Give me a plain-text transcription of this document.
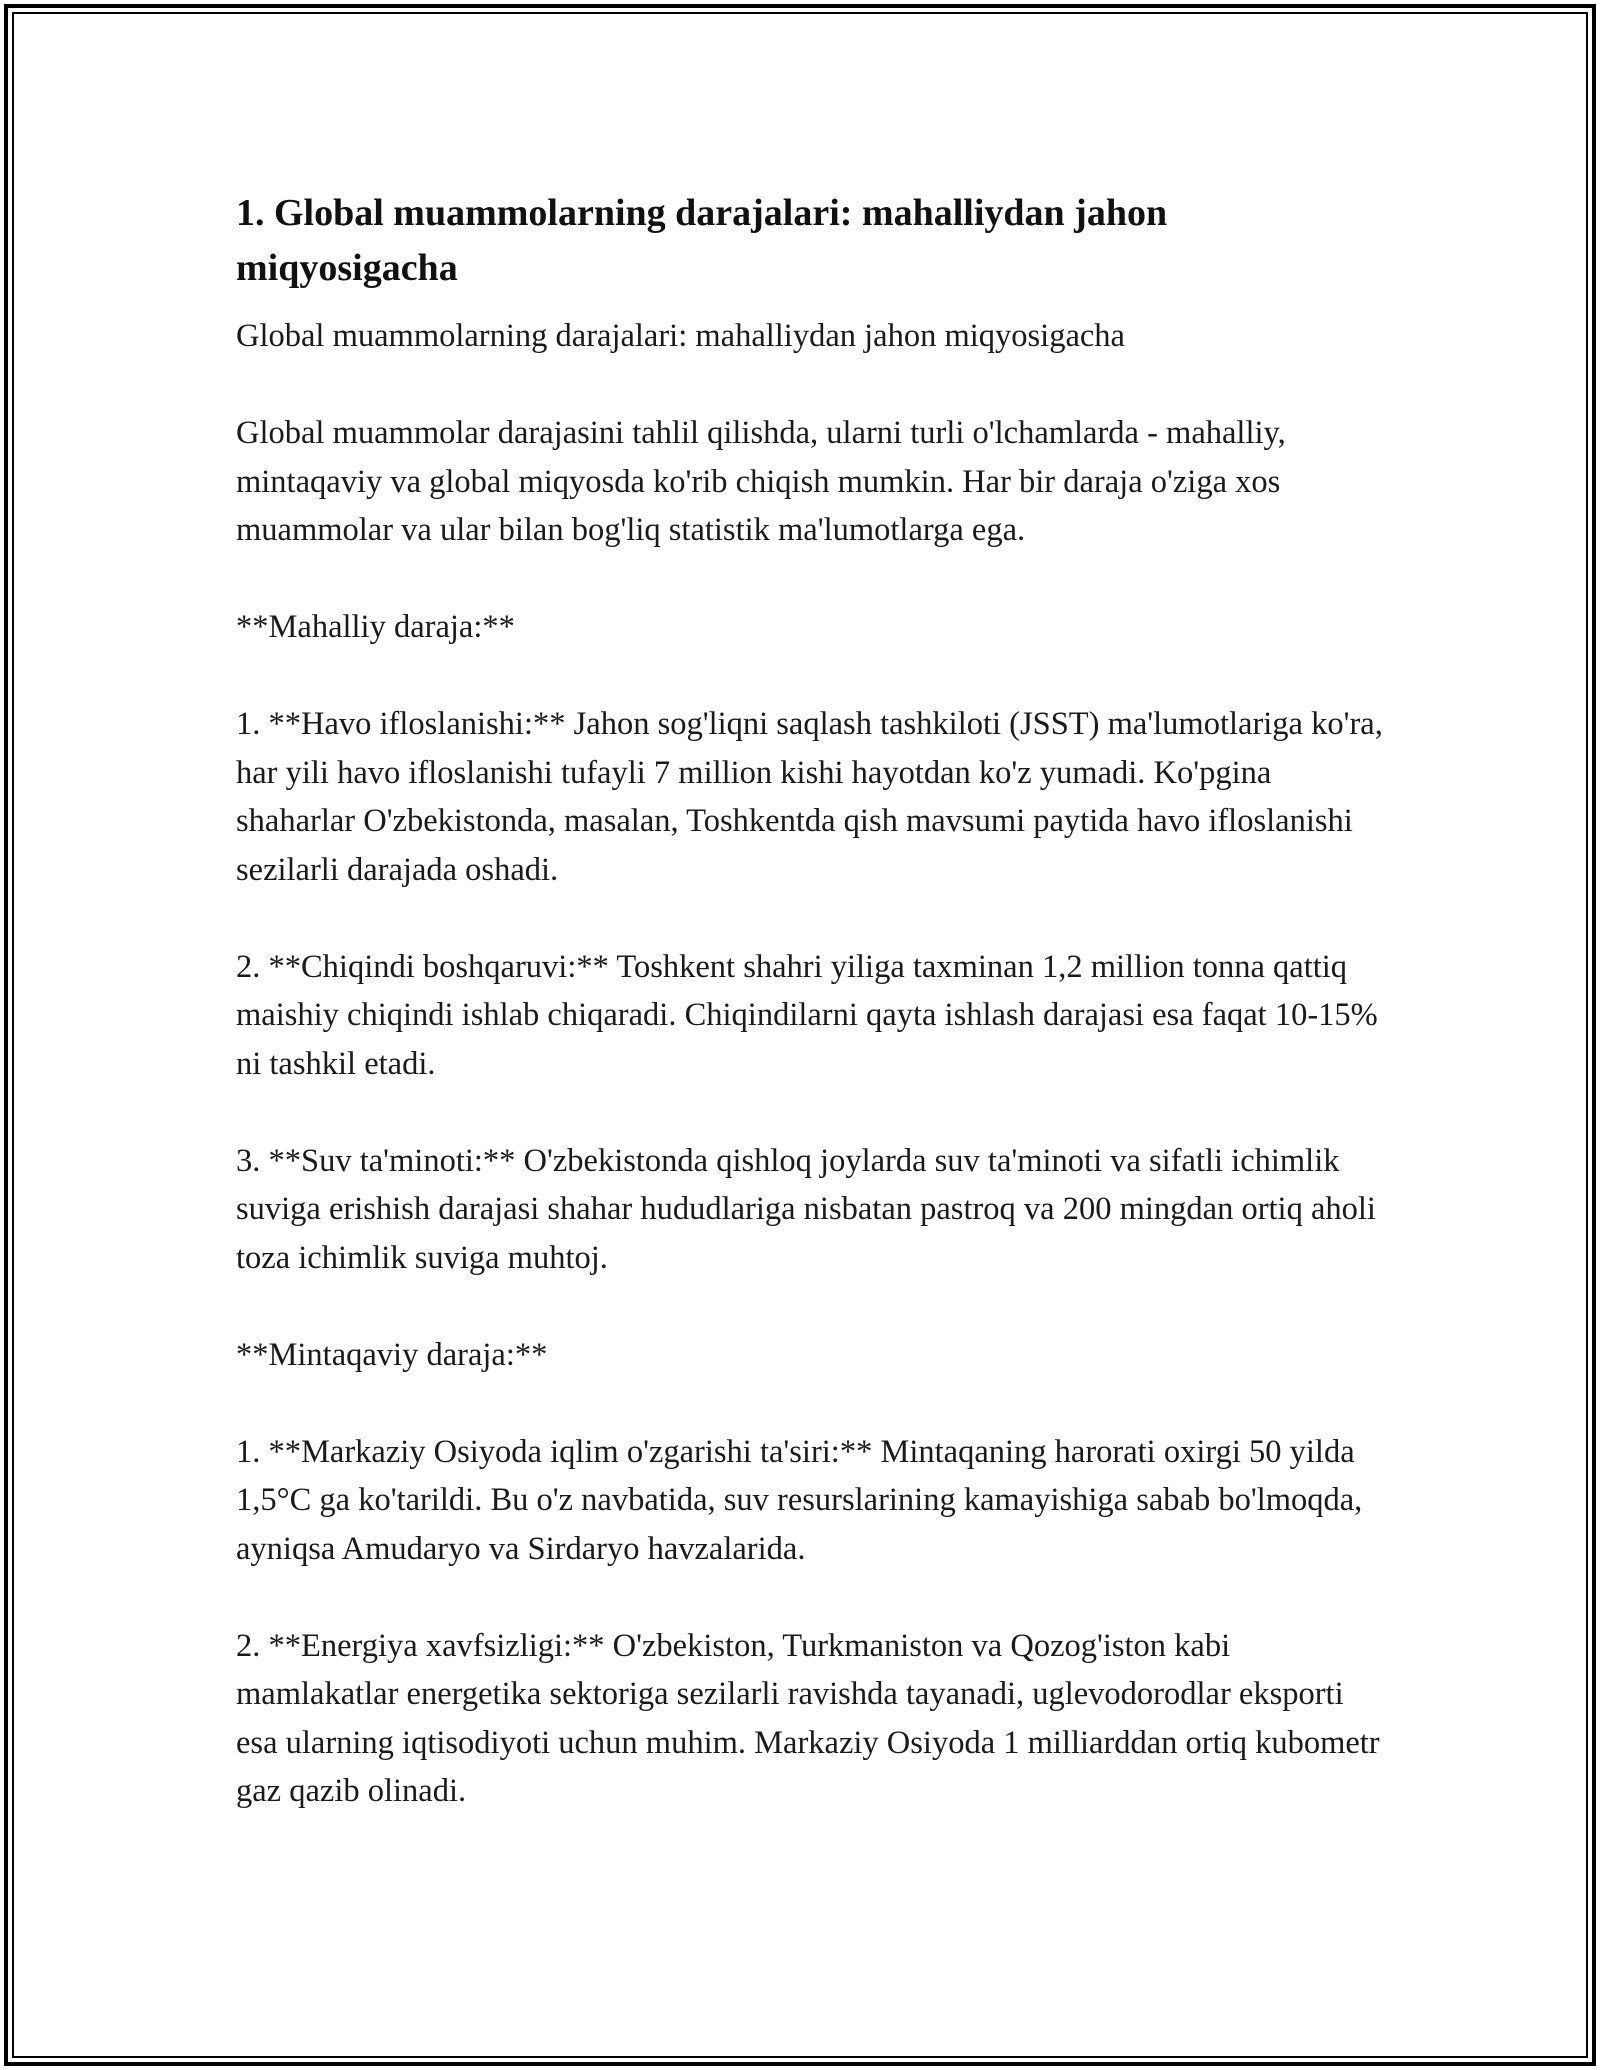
1. Global muammolarning darajalari: mahalliydan jahon miqyosigacha

Global muammolarning darajalari: mahalliydan jahon miqyosigacha

Global muammolar darajasini tahlil qilishda, ularni turli o'lchamlarda - mahalliy, mintaqaviy va global miqyosda ko'rib chiqish mumkin. Har bir daraja o'ziga xos muammolar va ular bilan bog'liq statistik ma'lumotlarga ega.

**Mahalliy daraja:**

1. **Havo ifloslanishi:** Jahon sog'liqni saqlash tashkiloti (JSST) ma'lumotlariga ko'ra, har yili havo ifloslanishi tufayli 7 million kishi hayotdan ko'z yumadi. Ko'pgina shaharlar O'zbekistonda, masalan, Toshkentda qish mavsumi paytida havo ifloslanishi sezilarli darajada oshadi.

2. **Chiqindi boshqaruvi:** Toshkent shahri yiliga taxminan 1,2 million tonna qattiq maishiy chiqindi ishlab chiqaradi. Chiqindilarni qayta ishlash darajasi esa faqat 10-15% ni tashkil etadi.

3. **Suv ta'minoti:** O'zbekistonda qishloq joylarda suv ta'minoti va sifatli ichimlik suviga erishish darajasi shahar hududlariga nisbatan pastroq va 200 mingdan ortiq aholi toza ichimlik suviga muhtoj.

**Mintaqaviy daraja:**

1. **Markaziy Osiyoda iqlim o'zgarishi ta'siri:** Mintaqaning harorati oxirgi 50 yilda 1,5°C ga ko'tarildi. Bu o'z navbatida, suv resurslarining kamayishiga sabab bo'lmoqda, ayniqsa Amudaryo va Sirdaryo havzalarida.

2. **Energiya xavfsizligi:** O'zbekiston, Turkmaniston va Qozog'iston kabi mamlakatlar energetika sektoriga sezilarli ravishda tayanadi, uglevodorodlar eksporti esa ularning iqtisodiyoti uchun muhim. Markaziy Osiyoda 1 milliarddan ortiq kubometr gaz qazib olinadi.
